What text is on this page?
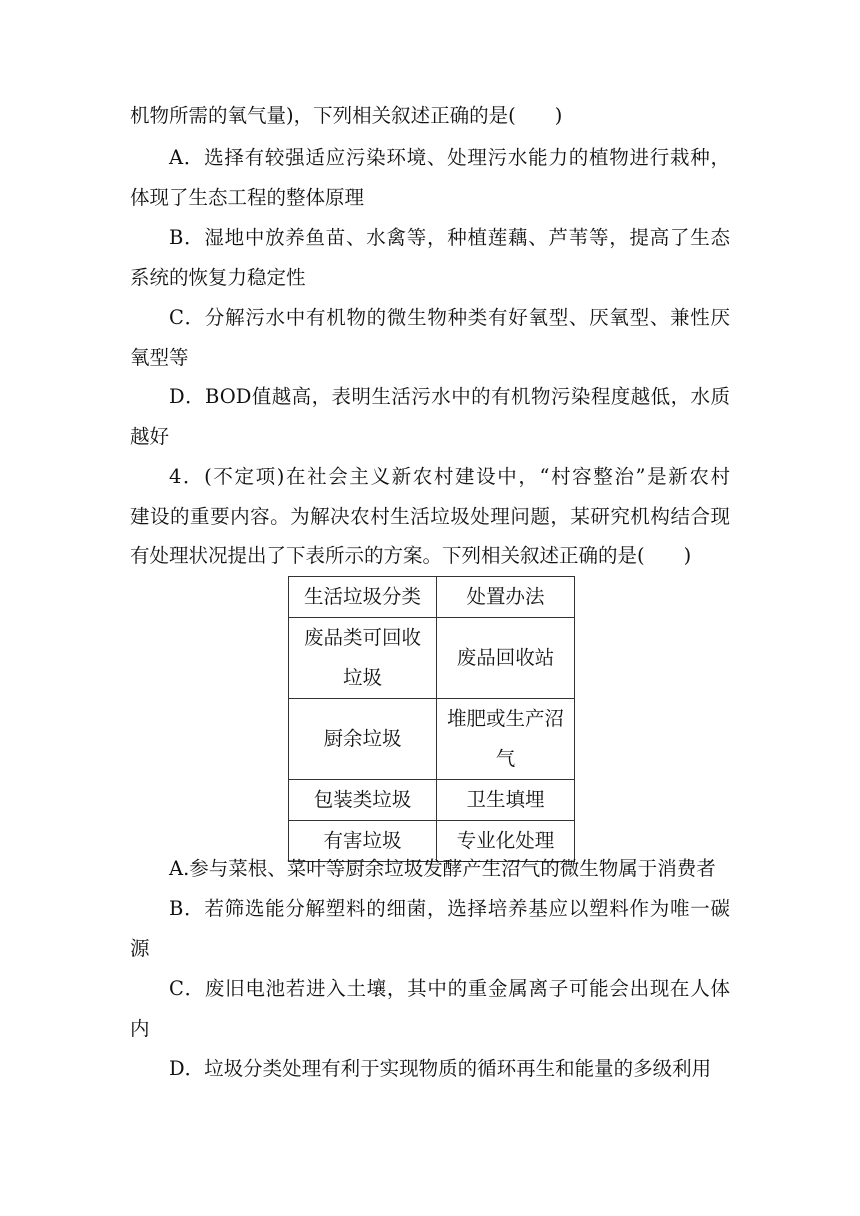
机物所需的氧气量)，下列相关叙述正确的是(　　)
A．选择有较强适应污染环境、处理污水能力的植物进行栽种，
体现了生态工程的整体原理
B．湿地中放养鱼苗、水禽等，种植莲藕、芦苇等，提高了生态
系统的恢复力稳定性
C．分解污水中有机物的微生物种类有好氧型、厌氧型、兼性厌
氧型等
D．BOD值越高，表明生活污水中的有机物污染程度越低，水质
越好
4．(不定项)在社会主义新农村建设中，“村容整治”是新农村
建设的重要内容。为解决农村生活垃圾处理问题，某研究机构结合现
有处理状况提出了下表所示的方案。下列相关叙述正确的是(　　)
生活垃圾分类	处置办法
废品类可回收垃圾	废品回收站
厨余垃圾	堆肥或生产沼气
包装类垃圾	卫生填埋
有害垃圾	专业化处理
A.参与菜根、菜叶等厨余垃圾发酵产生沼气的微生物属于消费者
B．若筛选能分解塑料的细菌，选择培养基应以塑料作为唯一碳
源
C．废旧电池若进入土壤，其中的重金属离子可能会出现在人体
内
D．垃圾分类处理有利于实现物质的循环再生和能量的多级利用
